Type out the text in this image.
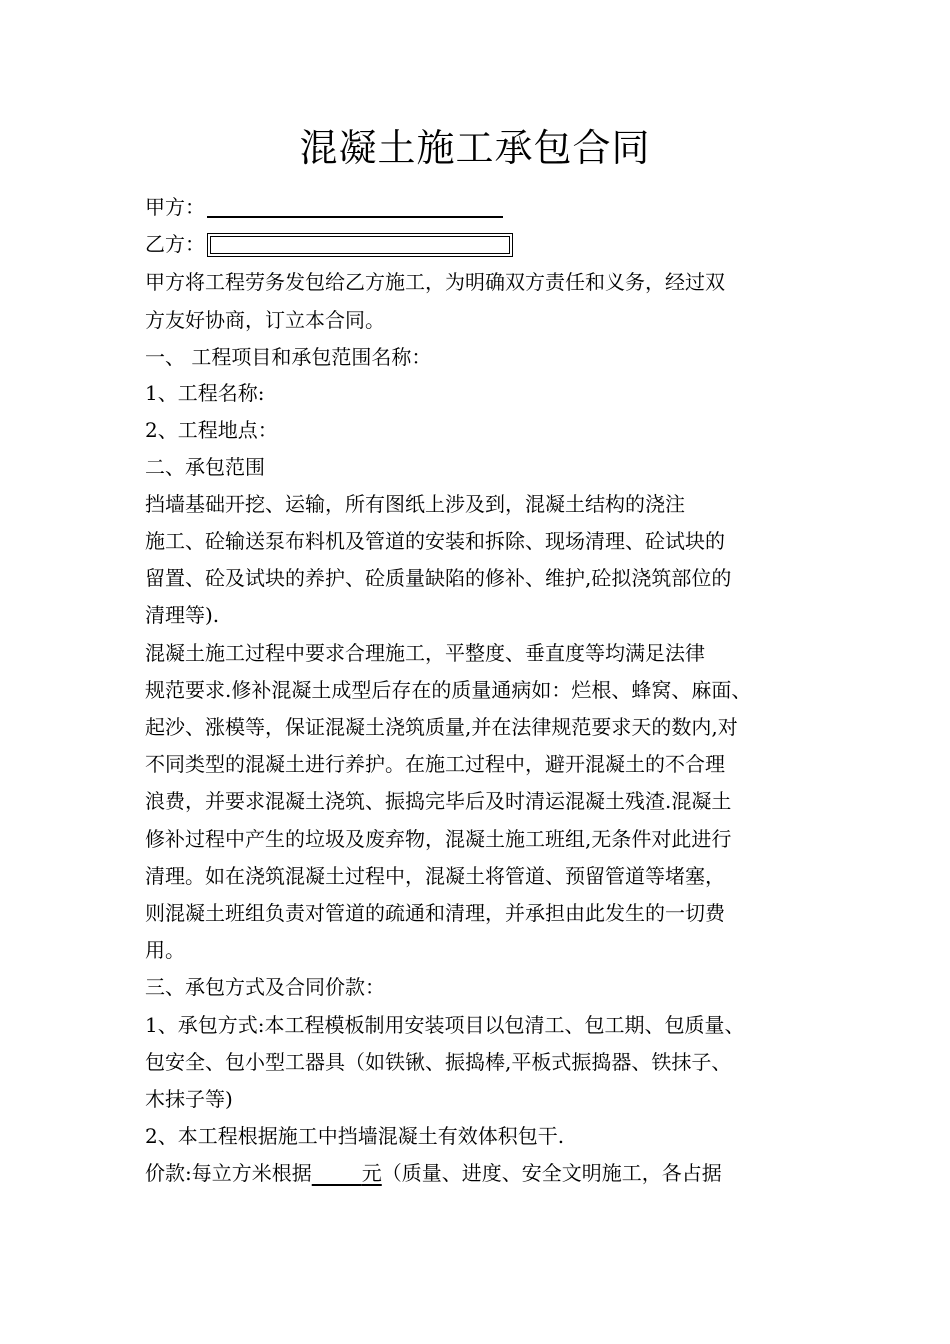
混凝土施工承包合同
甲方：
乙方：
甲方将工程劳务发包给乙方施工，为明确双方责任和义务，经过双
方友好协商，订立本合同。
一、 工程项目和承包范围名称：
1、工程名称:
2、工程地点：
二、承包范围
挡墙基础开挖、运输，所有图纸上涉及到，混凝土结构的浇注
施工、砼输送泵布料机及管道的安装和拆除、现场清理、砼试块的
留置、砼及试块的养护、砼质量缺陷的修补、维护,砼拟浇筑部位的
清理等).
混凝土施工过程中要求合理施工，平整度、垂直度等均满足法律
规范要求.修补混凝土成型后存在的质量通病如：烂根、蜂窝、麻面、
起沙、涨模等，保证混凝土浇筑质量,并在法律规范要求天的数内,对
不同类型的混凝土进行养护。在施工过程中，避开混凝土的不合理
浪费，并要求混凝土浇筑、振捣完毕后及时清运混凝土残渣.混凝土
修补过程中产生的垃圾及废弃物，混凝土施工班组,无条件对此进行
清理。如在浇筑混凝土过程中，混凝土将管道、预留管道等堵塞，
则混凝土班组负责对管道的疏通和清理，并承担由此发生的一切费
用。
三、承包方式及合同价款：
1、承包方式:本工程模板制用安装项目以包清工、包工期、包质量、
包安全、包小型工器具（如铁锹、振捣棒,平板式振捣器、铁抹子、
木抹子等)
2、本工程根据施工中挡墙混凝土有效体积包干.
价款:每立方米根据　　 	元（质量、进度、安全文明施工，各占据
